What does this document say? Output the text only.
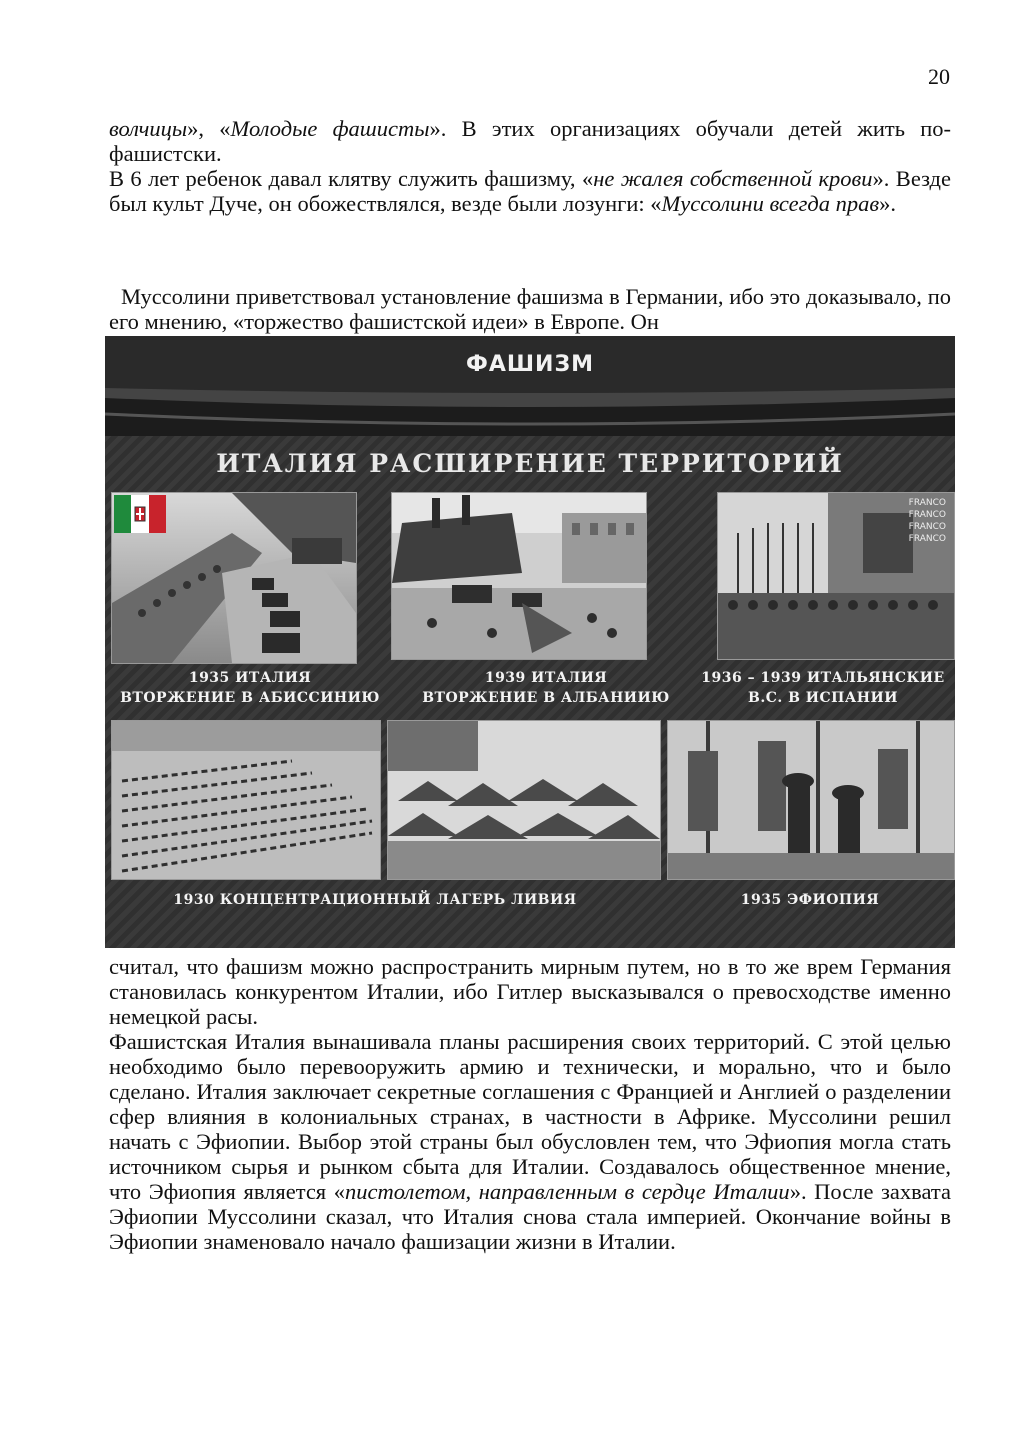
20

волчицы», «Молодые фашисты». В этих организациях обучали детей жить по-фашистски.

В 6 лет ребенок давал клятву служить фашизму, «не жалея собственной крови». Везде был культ Дуче, он обожествлялся, везде были лозунги: «Муссолини всегда прав».

Муссолини приветствовал установление фашизма в Германии, ибо это доказывало, по его мнению, «торжество фашистской идеи» в Европе. Он

ФАШИЗМ
ИТАЛИЯ РАСШИРЕНИЕ ТЕРРИТОРИЙ
FRANCO
FRANCO
FRANCO
FRANCO
1935 ИТАЛИЯ
ВТОРЖЕНИЕ В АБИССИНИЮ
1939 ИТАЛИЯ
ВТОРЖЕНИЕ В АЛБАНИИЮ
1936 – 1939 ИТАЛЬЯНСКИЕ
В.С. В ИСПАНИИ
1930 КОНЦЕНТРАЦИОННЫЙ ЛАГЕРЬ ЛИВИЯ	1935 ЭФИОПИЯ

считал, что фашизм можно распространить мирным путем, но в то же врем Германия становилась конкурентом Италии, ибо Гитлер высказывался о превосходстве именно немецкой расы.

Фашистская Италия вынашивала планы расширения своих территорий. С этой целью необходимо было перевооружить армию и технически, и морально, что и было сделано. Италия заключает секретные соглашения с Францией и Англией о разделении сфер влияния в колониальных странах, в частности в Африке. Муссолини решил начать с Эфиопии. Выбор этой страны был обусловлен тем, что Эфиопия могла стать источником сырья и рынком сбыта для Италии. Создавалось общественное мнение, что Эфиопия является «пистолетом, направленным в сердце Италии». После захвата Эфиопии Муссолини сказал, что Италия снова стала империей. Окончание войны в Эфиопии знаменовало начало фашизации жизни в Италии.
